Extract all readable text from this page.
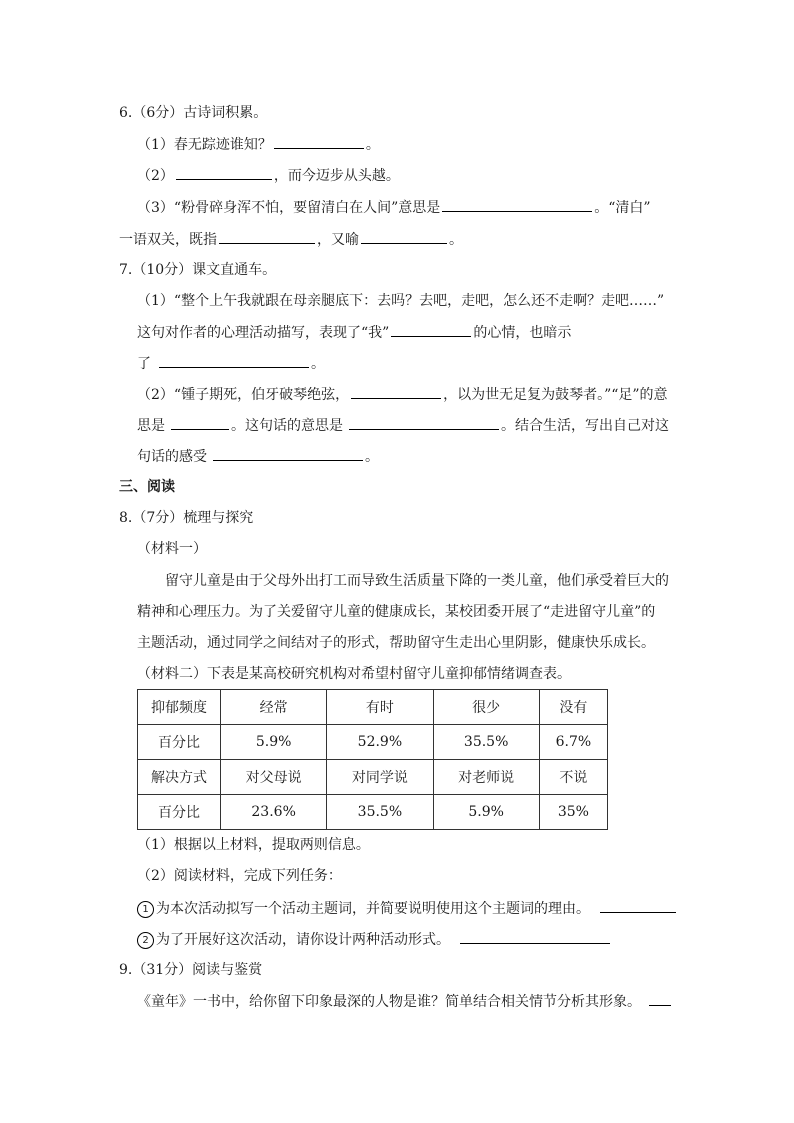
6.（6分）古诗词积累。
（1）春无踪迹谁知？	。
（2）	，而今迈步从头越。
（3）“粉骨碎身浑不怕，要留清白在人间”意思是	。“清白”
一语双关，既指	，又喻	。
7.（10分）课文直通车。
（1）“整个上午我就跟在母亲腿底下：去吗？去吧，走吧，怎么还不走啊？走吧……”
这句对作者的心理活动描写，表现了“我”	的心情，也暗示
了	。
（2）“锺子期死，伯牙破琴绝弦，	，以为世无足复为鼓琴者。”“足”的意
思是	。这句话的意思是	。结合生活，写出自己对这
句话的感受	。
三、阅读
8.（7分）梳理与探究
（材料一）
留守儿童是由于父母外出打工而导致生活质量下降的一类儿童，他们承受着巨大的
精神和心理压力。为了关爱留守儿童的健康成长，某校团委开展了“走进留守儿童”的
主题活动，通过同学之间结对子的形式，帮助留守生走出心里阴影，健康快乐成长。
（材料二）下表是某高校研究机构对希望村留守儿童抑郁情绪调查表。
抑郁频度	经常	有时	很少	没有
百分比	5.9%	52.9%	35.5%	6.7%
解决方式	对父母说	对同学说	对老师说	不说
百分比	23.6%	35.5%	5.9%	35%
（1）根据以上材料，提取两则信息。
（2）阅读材料，完成下列任务：
1 为本次活动拟写一个活动主题词，并简要说明使用这个主题词的理由。
2 为了开展好这次活动，请你设计两种活动形式。
9.（31分）阅读与鉴赏
《童年》一书中，给你留下印象最深的人物是谁？简单结合相关情节分析其形象。
